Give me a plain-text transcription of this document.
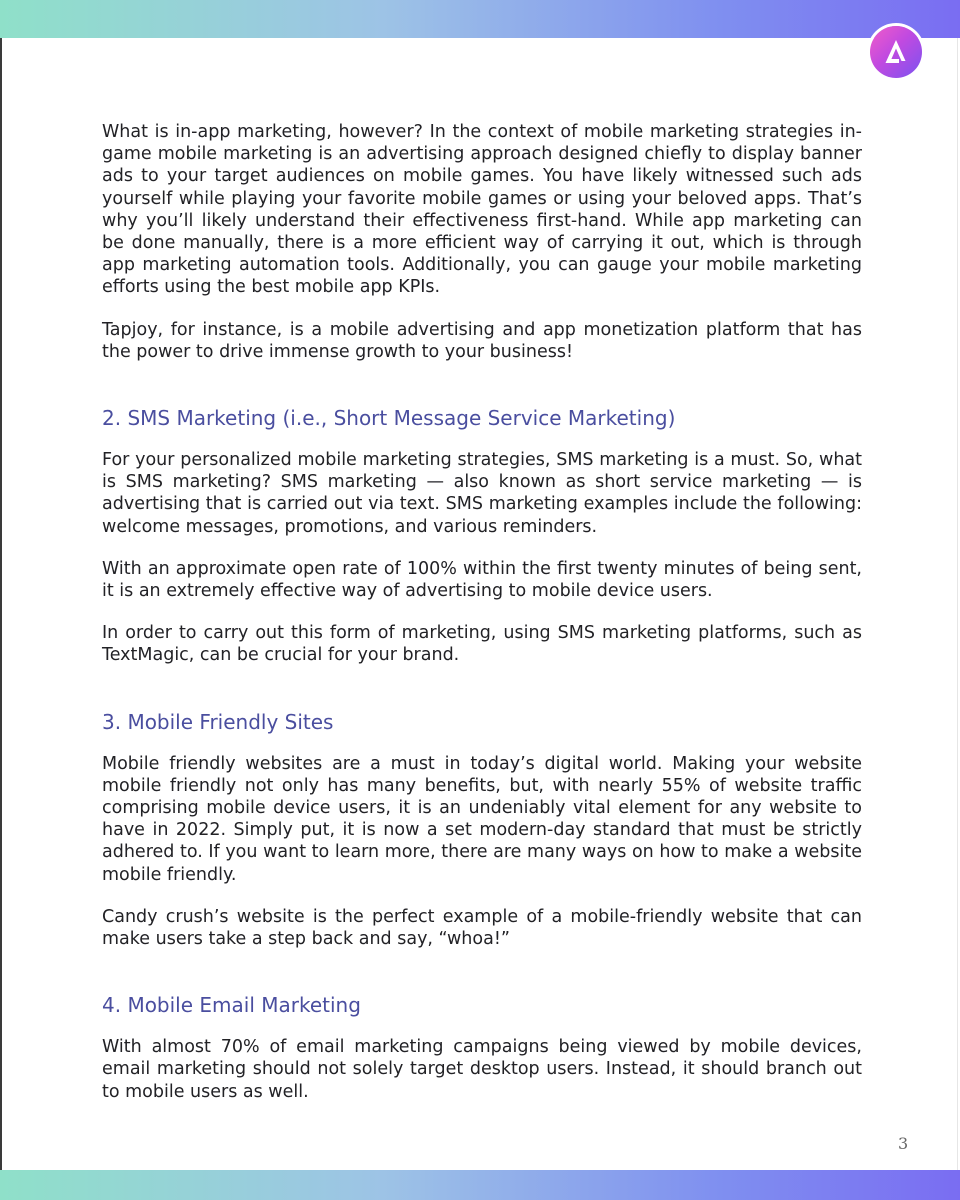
What is in-app marketing, however? In the context of mobile marketing strategies in-game mobile marketing is an advertising approach designed chiefly to display banner ads to your target audiences on mobile games. You have likely witnessed such ads yourself while playing your favorite mobile games or using your beloved apps. That’s why you’ll likely understand their effectiveness first-hand. While app marketing can be done manually, there is a more efficient way of carrying it out, which is through app marketing automation tools. Additionally, you can gauge your mobile marketing efforts using the best mobile app KPIs.

Tapjoy, for instance, is a mobile advertising and app monetization platform that has the power to drive immense growth to your business!

2. SMS Marketing (i.e., Short Message Service Marketing)

For your personalized mobile marketing strategies, SMS marketing is a must. So, what is SMS marketing? SMS marketing — also known as short service marketing — is advertising that is carried out via text. SMS marketing examples include the following: welcome messages, promotions, and various reminders.

With an approximate open rate of 100% within the first twenty minutes of being sent, it is an extremely effective way of advertising to mobile device users.

In order to carry out this form of marketing, using SMS marketing platforms, such as TextMagic, can be crucial for your brand.

3. Mobile Friendly Sites

Mobile friendly websites are a must in today’s digital world. Making your website mobile friendly not only has many benefits, but, with nearly 55% of website traffic comprising mobile device users, it is an undeniably vital element for any website to have in 2022. Simply put, it is now a set modern-day standard that must be strictly adhered to. If you want to learn more, there are many ways on how to make a website mobile friendly.

Candy crush’s website is the perfect example of a mobile-friendly website that can make users take a step back and say, “whoa!”

4. Mobile Email Marketing

With almost 70% of email marketing campaigns being viewed by mobile devices, email marketing should not solely target desktop users. Instead, it should branch out to mobile users as well.

3
